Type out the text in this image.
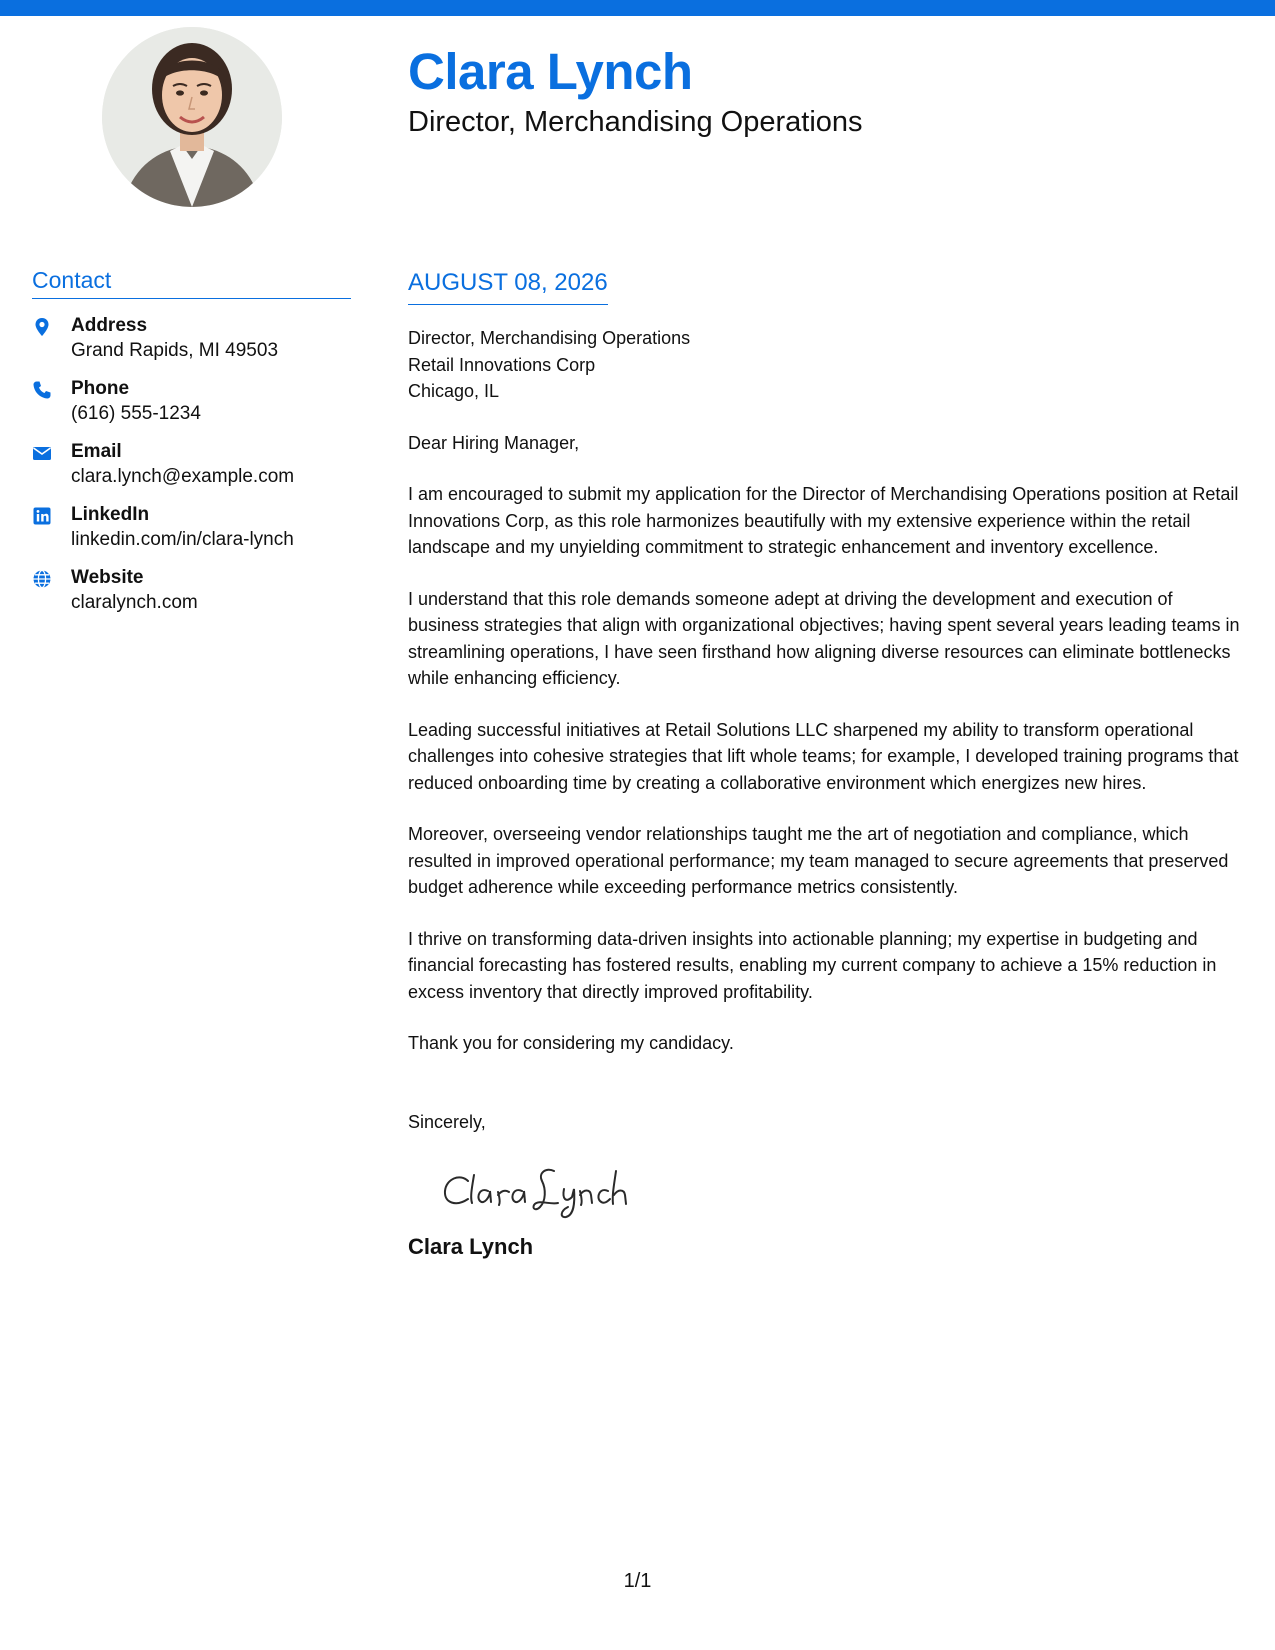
Clara Lynch
Director, Merchandising Operations
Contact
Address
Grand Rapids, MI 49503
Phone
(616) 555-1234
Email
clara.lynch@example.com
LinkedIn
linkedin.com/in/clara-lynch
Website
claralynch.com
AUGUST 08, 2026
Director, Merchandising Operations
Retail Innovations Corp
Chicago, IL
Dear Hiring Manager,

I am encouraged to submit my application for the Director of Merchandising Operations position at Retail Innovations Corp, as this role harmonizes beautifully with my extensive experience within the retail landscape and my unyielding commitment to strategic enhancement and inventory excellence.

I understand that this role demands someone adept at driving the development and execution of business strategies that align with organizational objectives; having spent several years leading teams in streamlining operations, I have seen firsthand how aligning diverse resources can eliminate bottlenecks while enhancing efficiency.

Leading successful initiatives at Retail Solutions LLC sharpened my ability to transform operational challenges into cohesive strategies that lift whole teams; for example, I developed training programs that reduced onboarding time by creating a collaborative environment which energizes new hires.

Moreover, overseeing vendor relationships taught me the art of negotiation and compliance, which resulted in improved operational performance; my team managed to secure agreements that preserved budget adherence while exceeding performance metrics consistently.

I thrive on transforming data-driven insights into actionable planning; my expertise in budgeting and financial forecasting has fostered results, enabling my current company to achieve a 15% reduction in excess inventory that directly improved profitability.

Thank you for considering my candidacy.

Sincerely,
Clara Lynch
1/1
